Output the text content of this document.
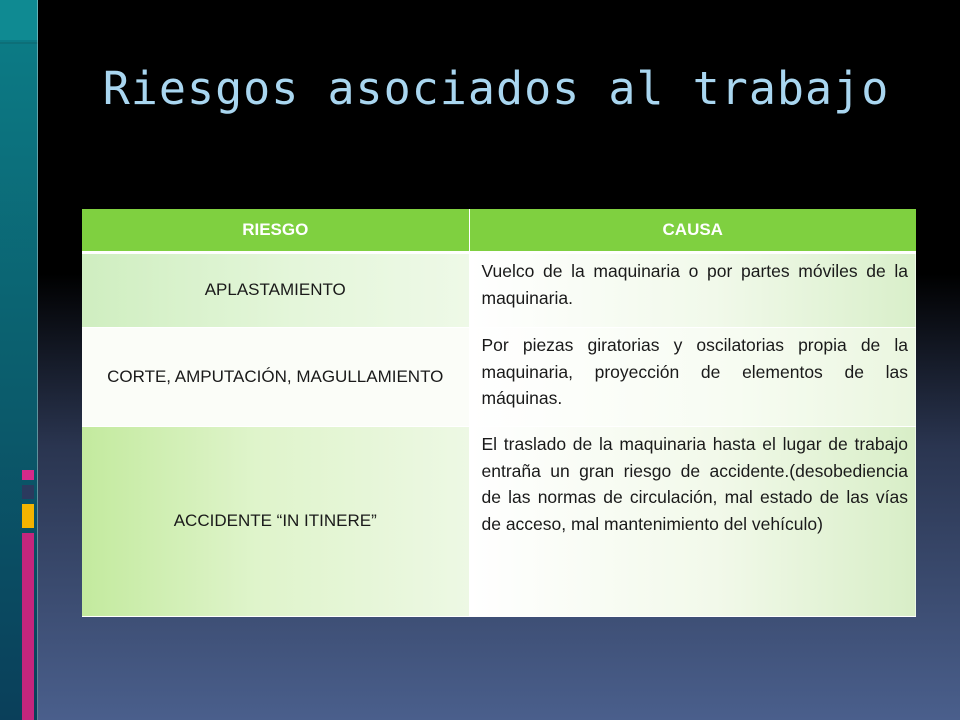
Riesgos asociados al trabajo
RIESGO	CAUSA
APLASTAMIENTO	Vuelco de la maquinaria o por partes móviles de la maquinaria.
CORTE, AMPUTACIÓN, MAGULLAMIENTO	Por piezas giratorias y oscilatorias propia de la maquinaria, proyección de elementos de las máquinas.
ACCIDENTE “IN ITINERE”	El traslado de la maquinaria hasta el lugar de trabajo entraña un gran riesgo de accidente.(desobediencia de las normas de circulación, mal estado de las vías de acceso, mal mantenimiento del vehículo)
